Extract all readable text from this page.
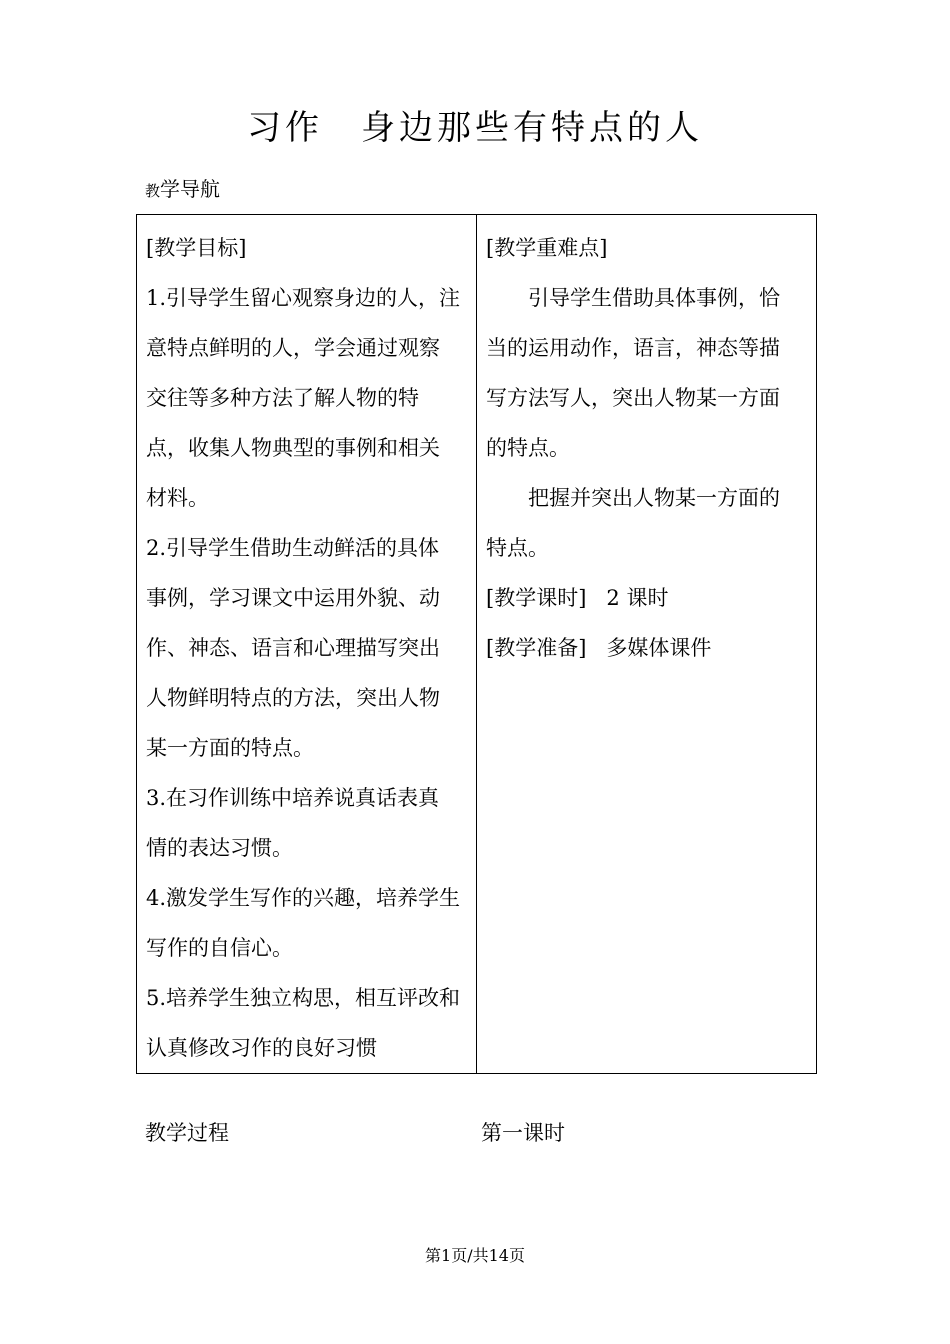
习作　身边那些有特点的人
教学导航
[教学目标]
1.引导学生留心观察身边的人，注
意特点鲜明的人，学会通过观察
交往等多种方法了解人物的特
点，收集人物典型的事例和相关
材料。
2.引导学生借助生动鲜活的具体
事例，学习课文中运用外貌、动
作、神态、语言和心理描写突出
人物鲜明特点的方法，突出人物
某一方面的特点。
3.在习作训练中培养说真话表真
情的表达习惯。
4.激发学生写作的兴趣，培养学生
写作的自信心。
5.培养学生独立构思，相互评改和
认真修改习作的良好习惯

[教学重难点]
引导学生借助具体事例，恰
当的运用动作，语言，神态等描
写方法写人，突出人物某一方面
的特点。
把握并突出人物某一方面的
特点。
[教学课时] 2 课时
[教学准备] 多媒体课件
教学过程	第一课时
第1页/共14页
